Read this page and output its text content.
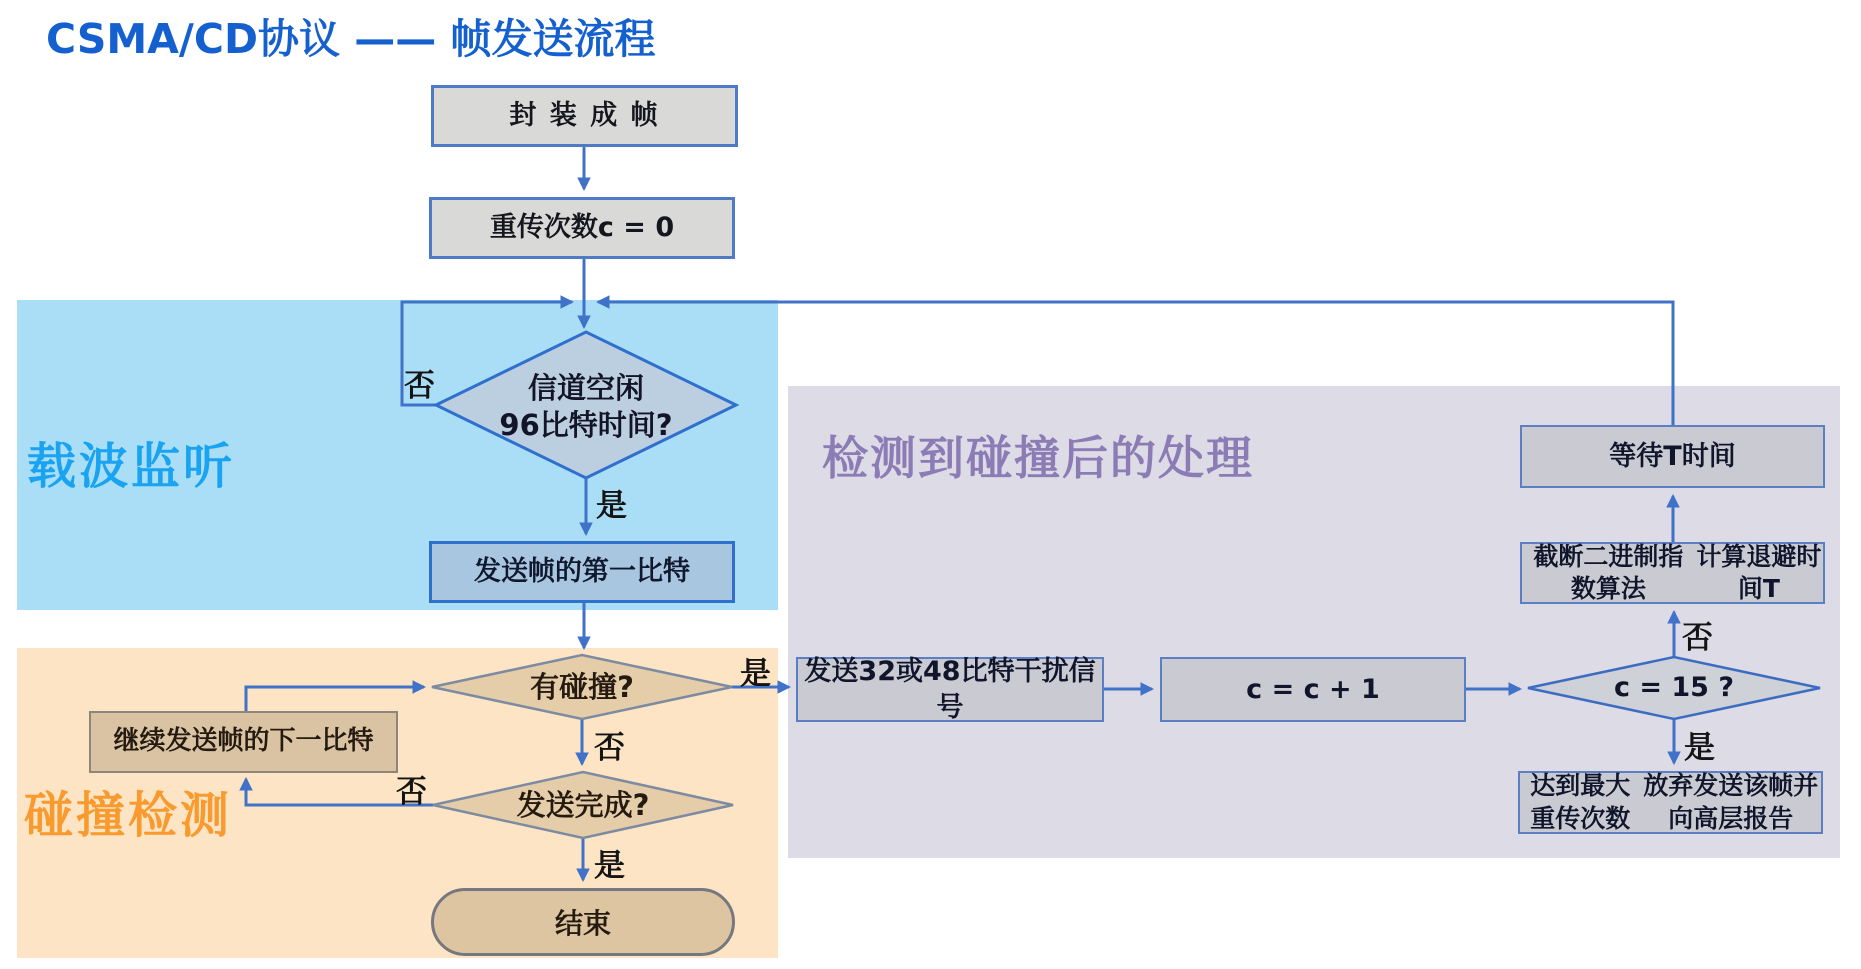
CSMA/CD协议 —— 帧发送流程
载波监听
碰撞检测
检测到碰撞后的处理
封 装 成 帧
重传次数c = 0
发送帧的第一比特
继续发送帧的下一比特
结束
发送32或48比特干扰信号
c = c + 1
截断二进制指数算法
计算退避时间T
等待T时间
达到最大重传次数
放弃发送该帧并向高层报告
信道空闲
96比特时间?
有碰撞?
发送完成?
c = 15 ?
否
是
是
否
否
是
否
是
